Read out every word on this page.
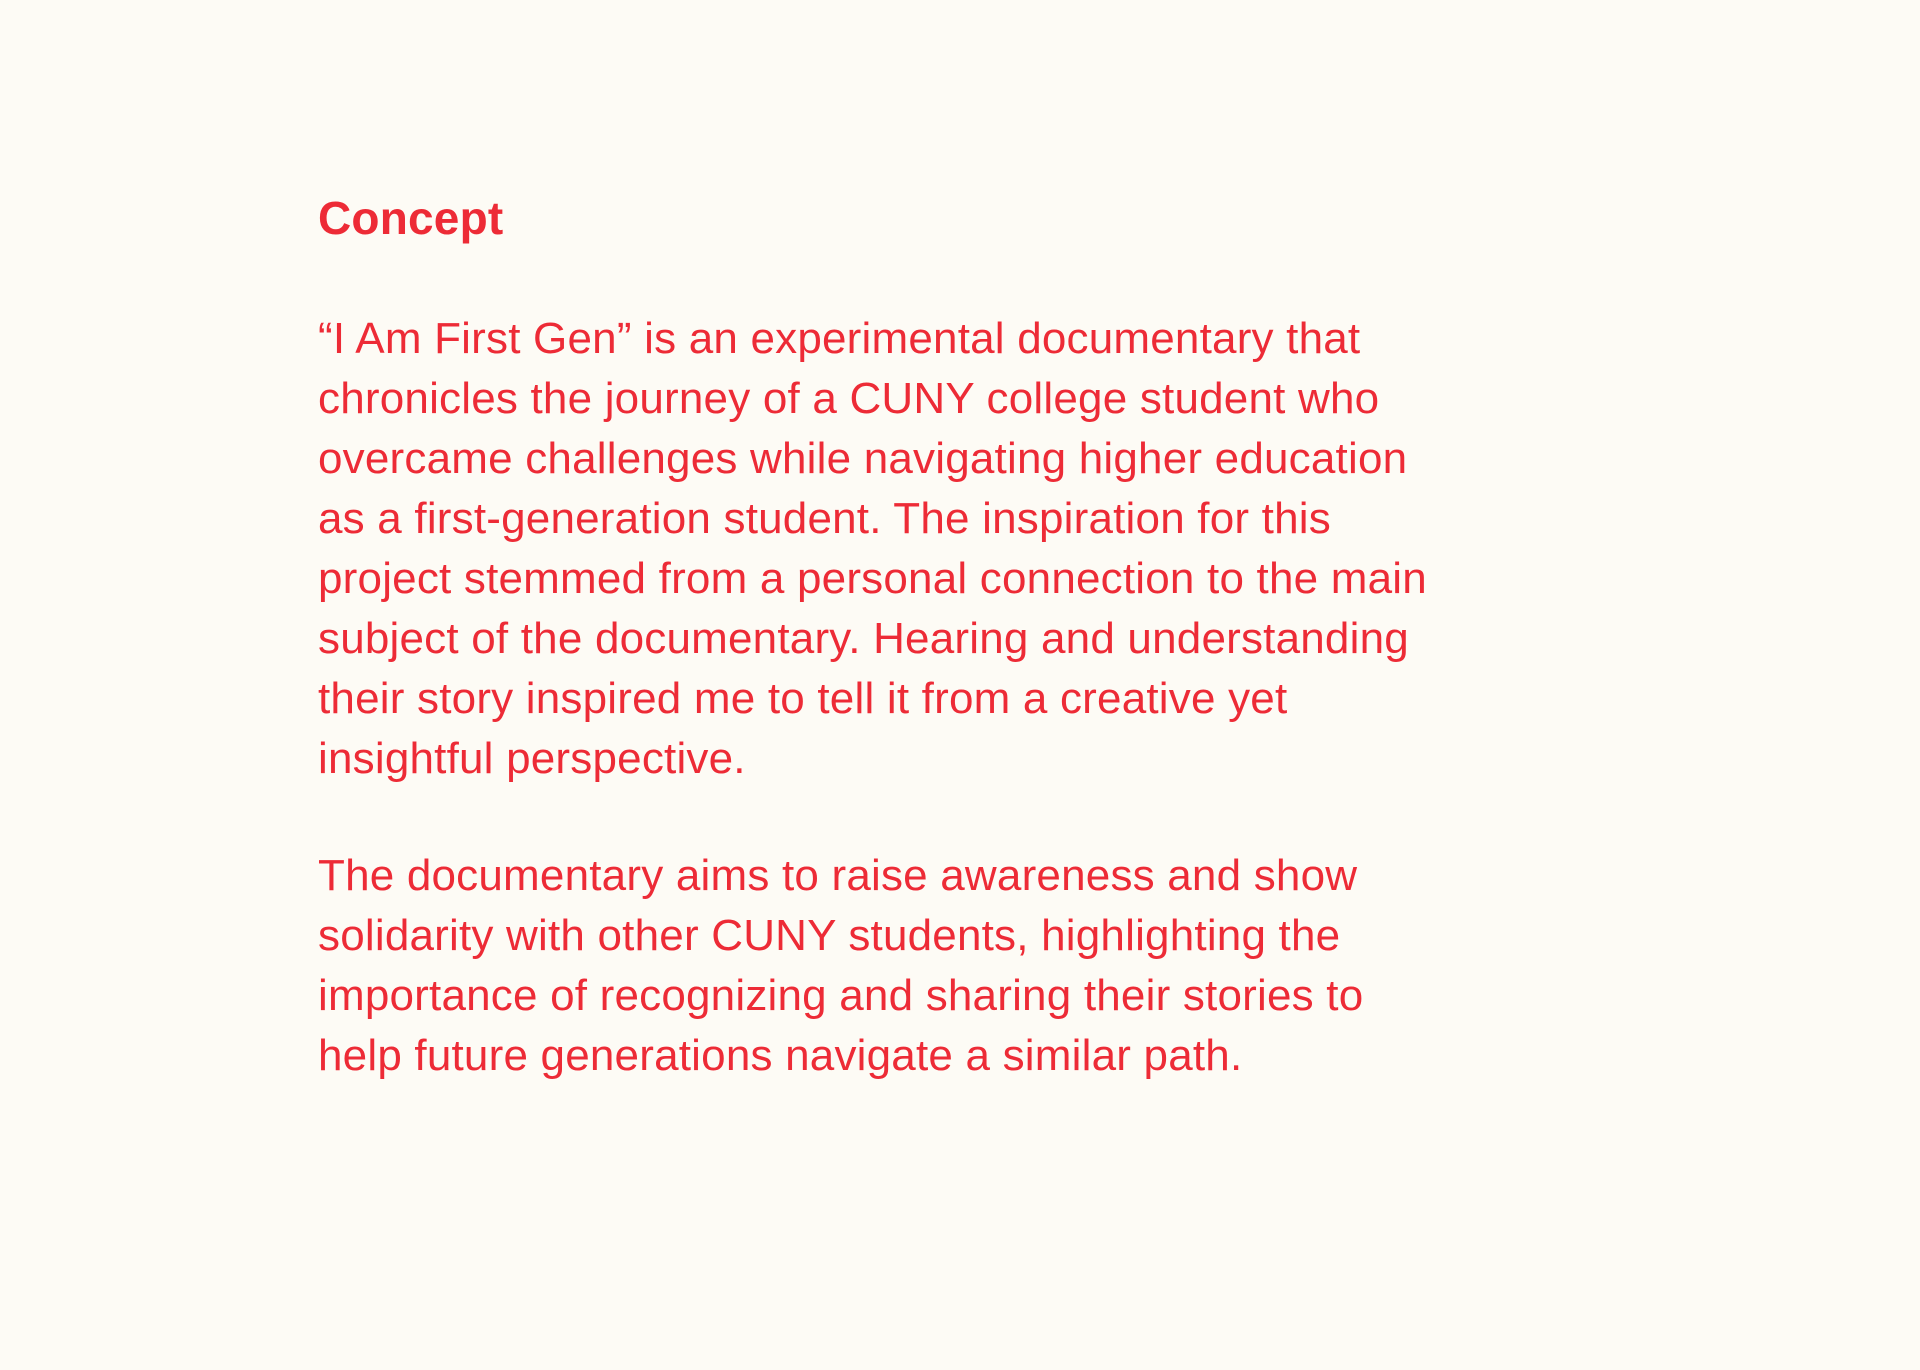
Concept

“I Am First Gen” is an experimental documentary that
chronicles the journey of a CUNY college student who
overcame challenges while navigating higher education
as a first-generation student. The inspiration for this
project stemmed from a personal connection to the main
subject of the documentary. Hearing and understanding
their story inspired me to tell it from a creative yet
insightful perspective.

The documentary aims to raise awareness and show
solidarity with other CUNY students, highlighting the
importance of recognizing and sharing their stories to
help future generations navigate a similar path.
